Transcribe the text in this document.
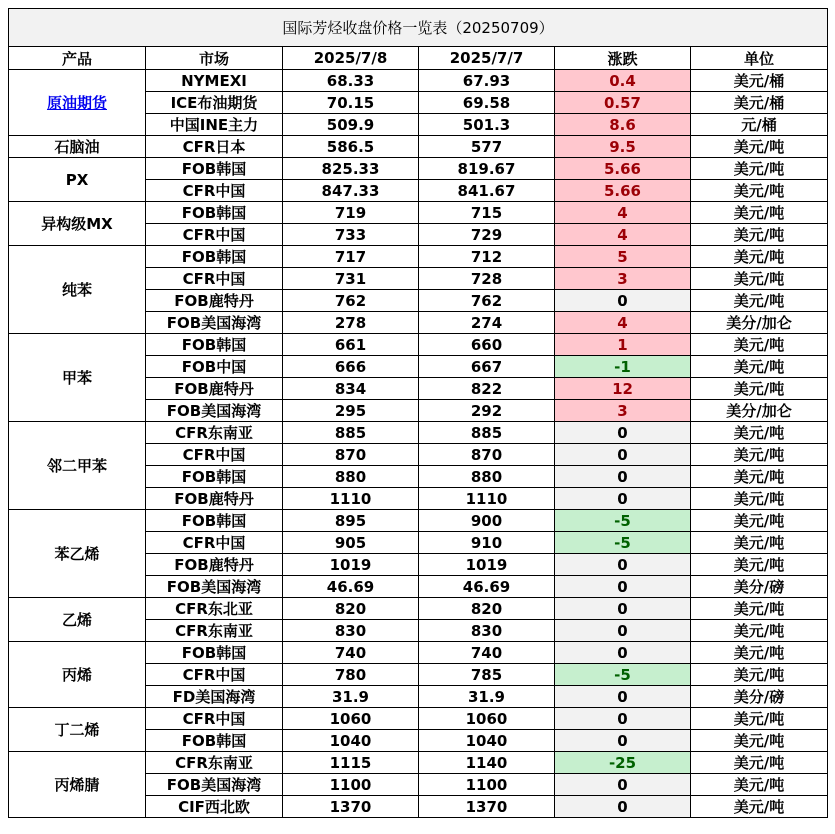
国际芳烃收盘价格一览表（20250709）					
产品	市场	2025/7/8	2025/7/7	涨跌	单位
原油期货	NYMEXI	68.33	67.93	0.4	美元/桶
	ICE布油期货	70.15	69.58	0.57	美元/桶
	中国INE主力	509.9	501.3	8.6	元/桶
石脑油	CFR日本	586.5	577	9.5	美元/吨
PX	FOB韩国	825.33	819.67	5.66	美元/吨
	CFR中国	847.33	841.67	5.66	美元/吨
异构级MX	FOB韩国	719	715	4	美元/吨
	CFR中国	733	729	4	美元/吨
纯苯	FOB韩国	717	712	5	美元/吨
	CFR中国	731	728	3	美元/吨
	FOB鹿特丹	762	762	0	美元/吨
	FOB美国海湾	278	274	4	美分/加仑
甲苯	FOB韩国	661	660	1	美元/吨
	FOB中国	666	667	-1	美元/吨
	FOB鹿特丹	834	822	12	美元/吨
	FOB美国海湾	295	292	3	美分/加仑
邻二甲苯	CFR东南亚	885	885	0	美元/吨
	CFR中国	870	870	0	美元/吨
	FOB韩国	880	880	0	美元/吨
	FOB鹿特丹	1110	1110	0	美元/吨
苯乙烯	FOB韩国	895	900	-5	美元/吨
	CFR中国	905	910	-5	美元/吨
	FOB鹿特丹	1019	1019	0	美元/吨
	FOB美国海湾	46.69	46.69	0	美分/磅
乙烯	CFR东北亚	820	820	0	美元/吨
	CFR东南亚	830	830	0	美元/吨
丙烯	FOB韩国	740	740	0	美元/吨
	CFR中国	780	785	-5	美元/吨
	FD美国海湾	31.9	31.9	0	美分/磅
丁二烯	CFR中国	1060	1060	0	美元/吨
	FOB韩国	1040	1040	0	美元/吨
丙烯腈	CFR东南亚	1115	1140	-25	美元/吨
	FOB美国海湾	1100	1100	0	美元/吨
	CIF西北欧	1370	1370	0	美元/吨
